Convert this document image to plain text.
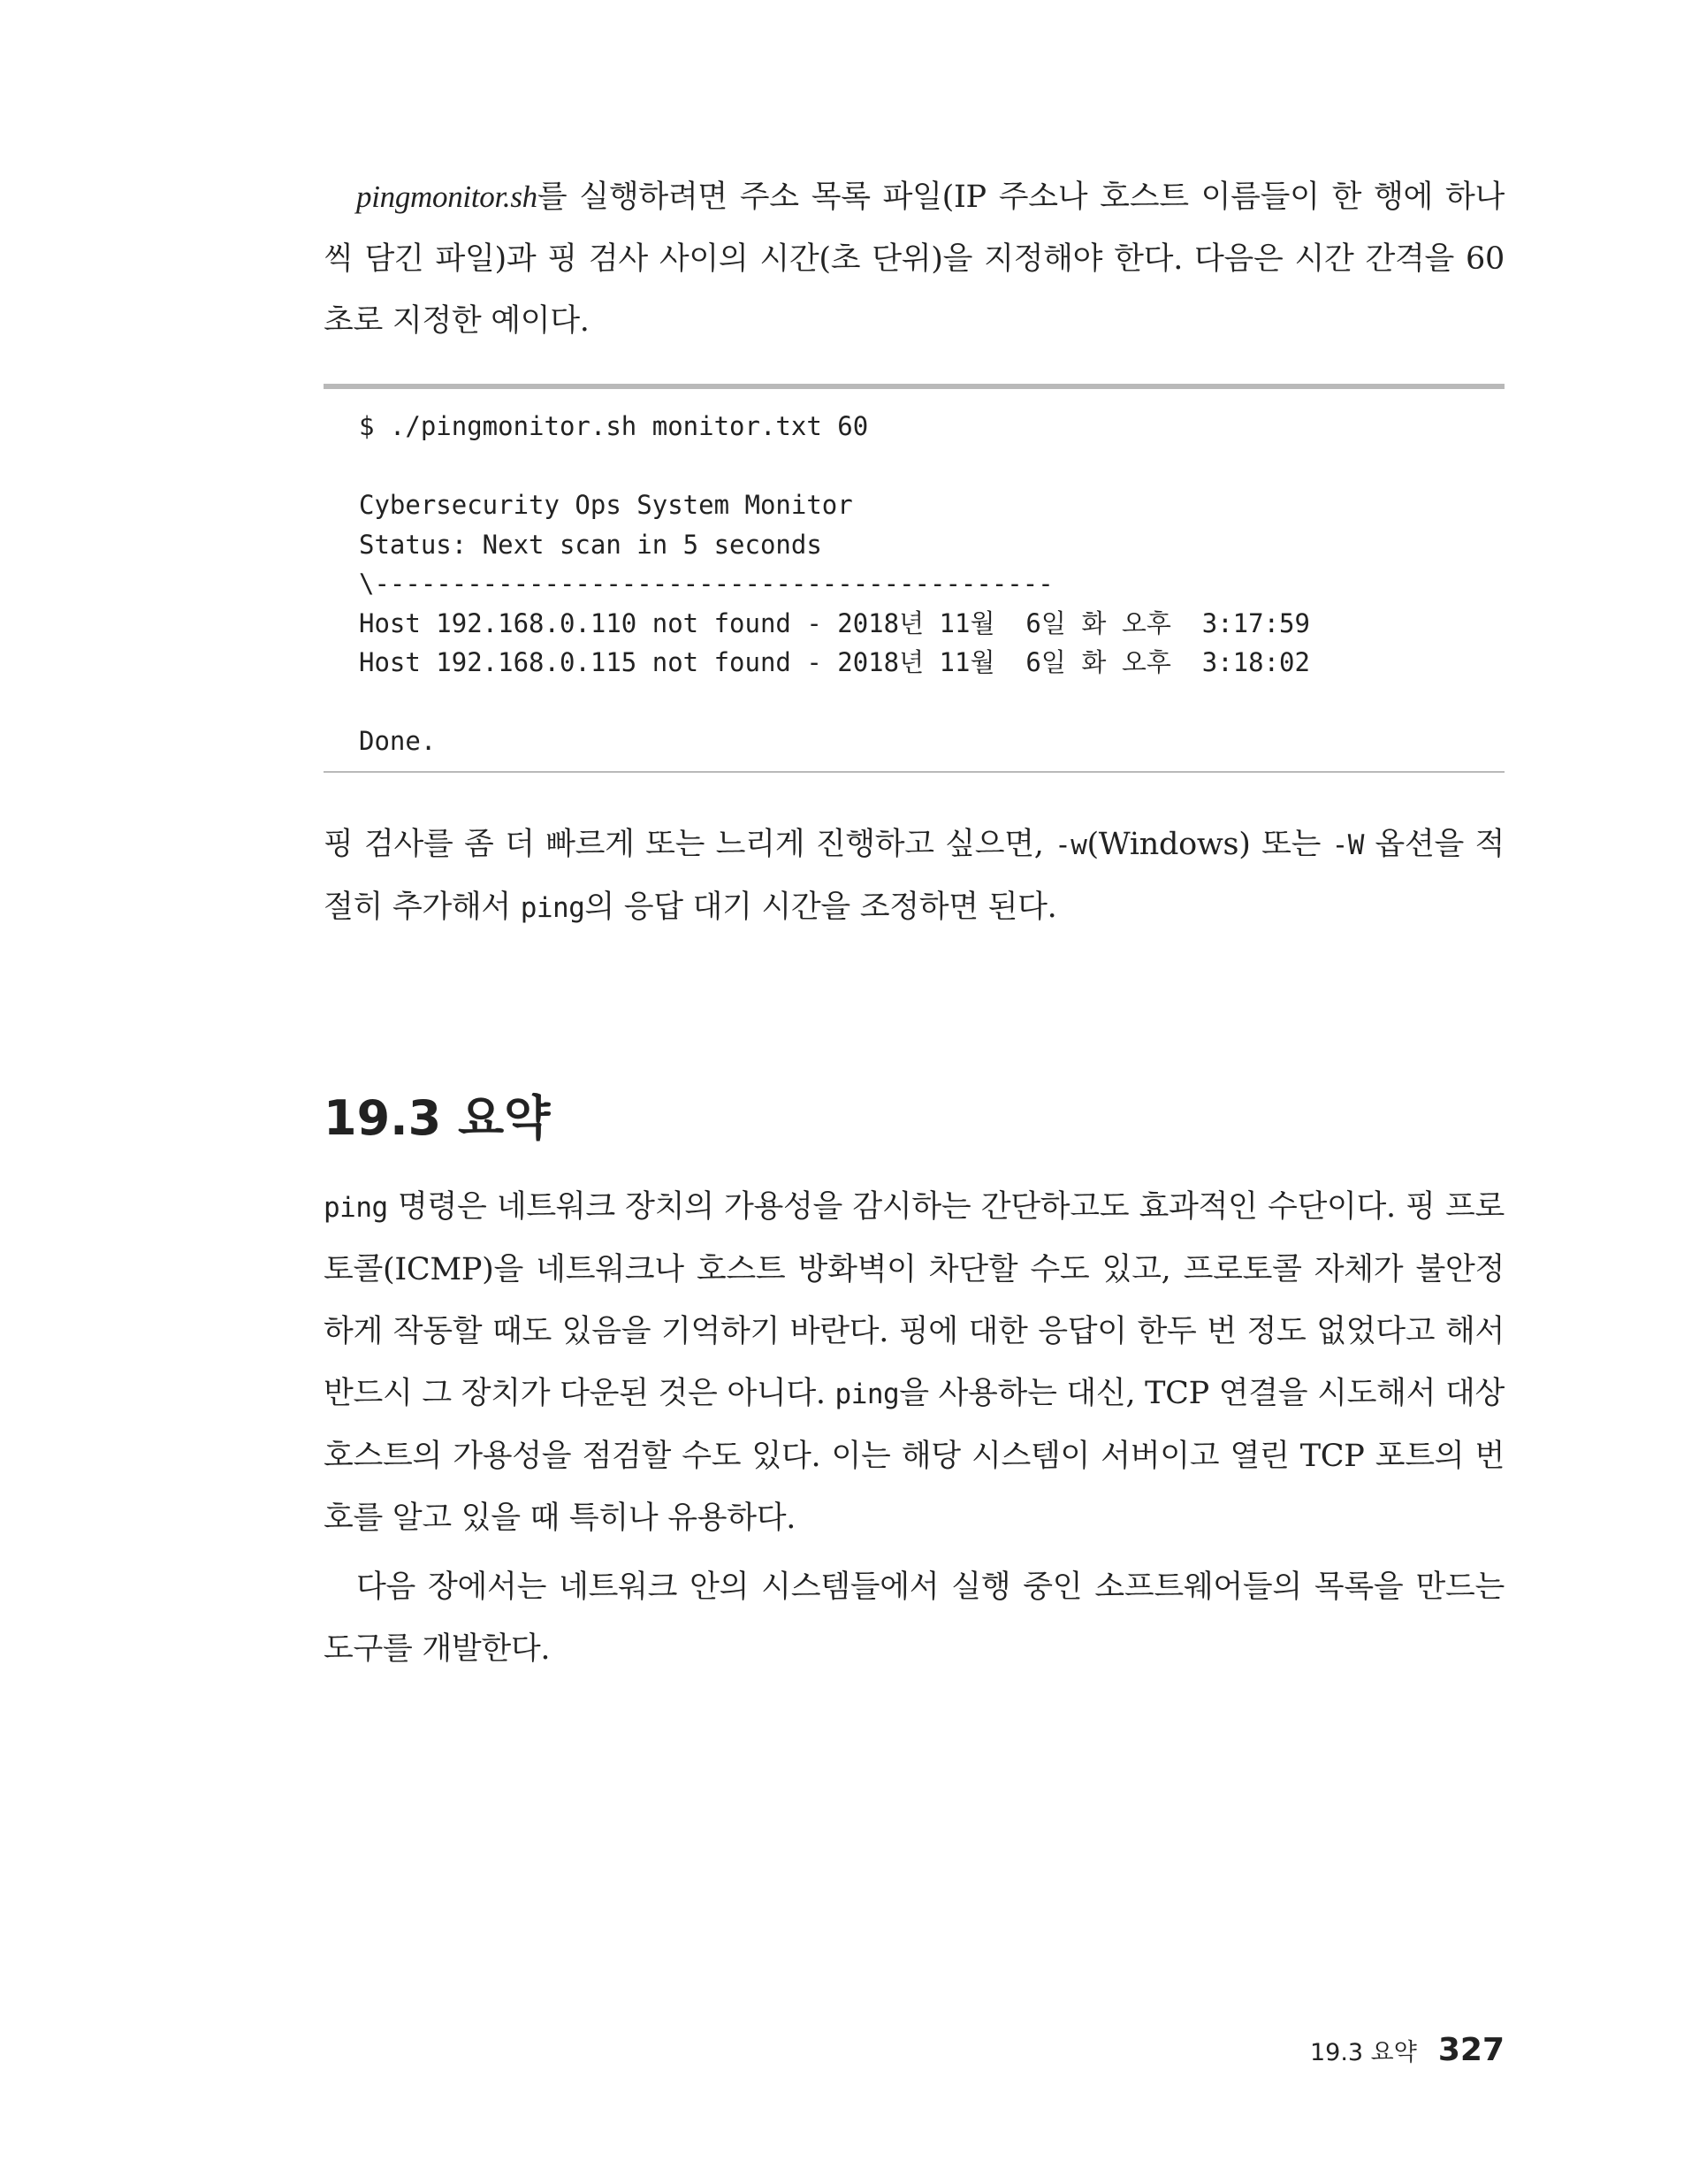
pingmonitor.sh를 실행하려면 주소 목록 파일(IP 주소나 호스트 이름들이 한 행에 하나씩 담긴 파일)과 핑 검사 사이의 시간(초 단위)을 지정해야 한다. 다음은 시간 간격을 60초로 지정한 예이다.

$ ./pingmonitor.sh monitor.txt 60

Cybersecurity Ops System Monitor
Status: Next scan in 5 seconds
\--------------------------------------------
Host 192.168.0.110 not found - 2018년 11월  6일 화 오후  3:17:59
Host 192.168.0.115 not found - 2018년 11월  6일 화 오후  3:18:02

Done.

핑 검사를 좀 더 빠르게 또는 느리게 진행하고 싶으면, -w(Windows) 또는 -W 옵션을 적절히 추가해서 ping의 응답 대기 시간을 조정하면 된다.

19.3 요약

ping 명령은 네트워크 장치의 가용성을 감시하는 간단하고도 효과적인 수단이다. 핑 프로토콜(ICMP)을 네트워크나 호스트 방화벽이 차단할 수도 있고, 프로토콜 자체가 불안정하게 작동할 때도 있음을 기억하기 바란다. 핑에 대한 응답이 한두 번 정도 없었다고 해서 반드시 그 장치가 다운된 것은 아니다. ping을 사용하는 대신, TCP 연결을 시도해서 대상 호스트의 가용성을 점검할 수도 있다. 이는 해당 시스템이 서버이고 열린 TCP 포트의 번호를 알고 있을 때 특히나 유용하다.

다음 장에서는 네트워크 안의 시스템들에서 실행 중인 소프트웨어들의 목록을 만드는 도구를 개발한다.

19.3 요약 327
